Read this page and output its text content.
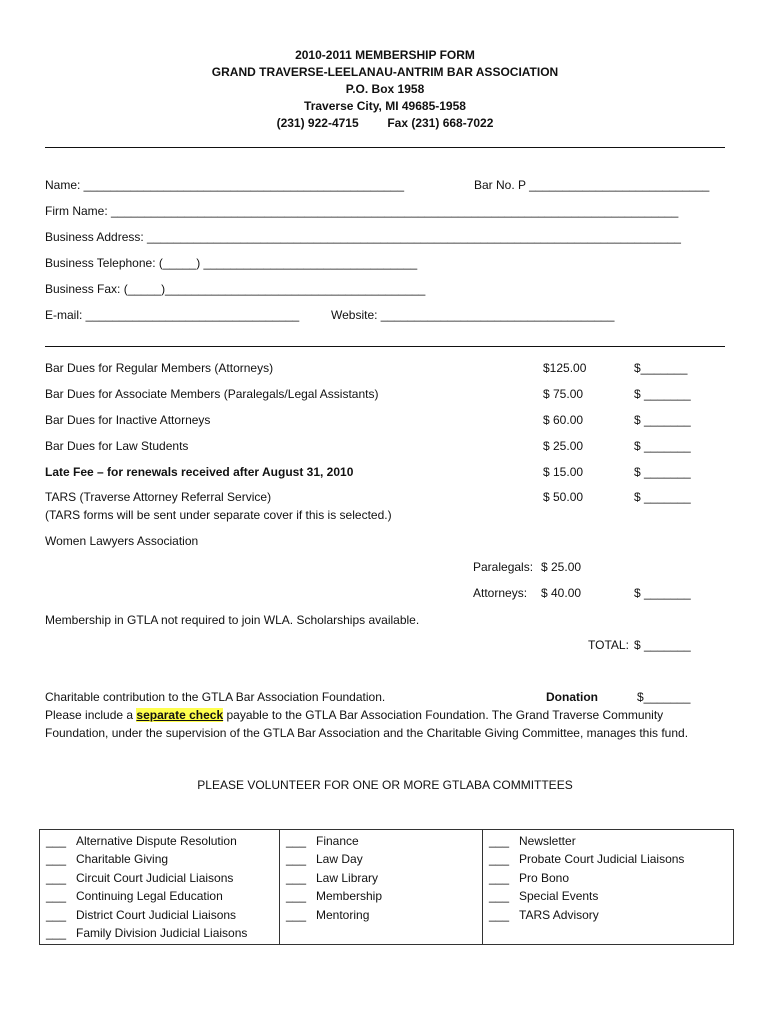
2010-2011 MEMBERSHIP FORM
GRAND TRAVERSE-LEELANAU-ANTRIM BAR ASSOCIATION
P.O. Box 1958
Traverse City, MI 49685-1958
(231) 922-4715 Fax (231) 668-7022
Name: ________________________________________________	Bar No. P ___________________________
Firm Name: _____________________________________________________________________________________
Business Address: ________________________________________________________________________________
Business Telephone: (_____) ________________________________
Business Fax: (_____)_______________________________________
E-mail: ________________________________	Website: ___________________________________
Bar Dues for Regular Members (Attorneys)	$125.00	$_______
Bar Dues for Associate Members (Paralegals/Legal Assistants)	$ 75.00	$ _______
Bar Dues for Inactive Attorneys	$ 60.00	$ _______
Bar Dues for Law Students	$ 25.00	$ _______
Late Fee – for renewals received after August 31, 2010	$ 15.00	$ _______
TARS (Traverse Attorney Referral Service)	$ 50.00	$ _______
(TARS forms will be sent under separate cover if this is selected.)
Women Lawyers Association
Paralegals: $ 25.00
Attorneys: $ 40.00	$ _______
Membership in GTLA not required to join WLA. Scholarships available.
TOTAL: $ _______
Charitable contribution to the GTLA Bar Association Foundation.	Donation	$_______
Please include a separate check payable to the GTLA Bar Association Foundation. The Grand Traverse Community
Foundation, under the supervision of the GTLA Bar Association and the Charitable Giving Committee, manages this fund.
PLEASE VOLUNTEER FOR ONE OR MORE GTLABA COMMITTEES
___ Alternative Dispute Resolution
___ Charitable Giving
___ Circuit Court Judicial Liaisons
___ Continuing Legal Education
___ District Court Judicial Liaisons
___ Family Division Judicial Liaisons

___ Finance
___ Law Day
___ Law Library
___ Membership
___ Mentoring

___ Newsletter
___ Probate Court Judicial Liaisons
___ Pro Bono
___ Special Events
___ TARS Advisory
